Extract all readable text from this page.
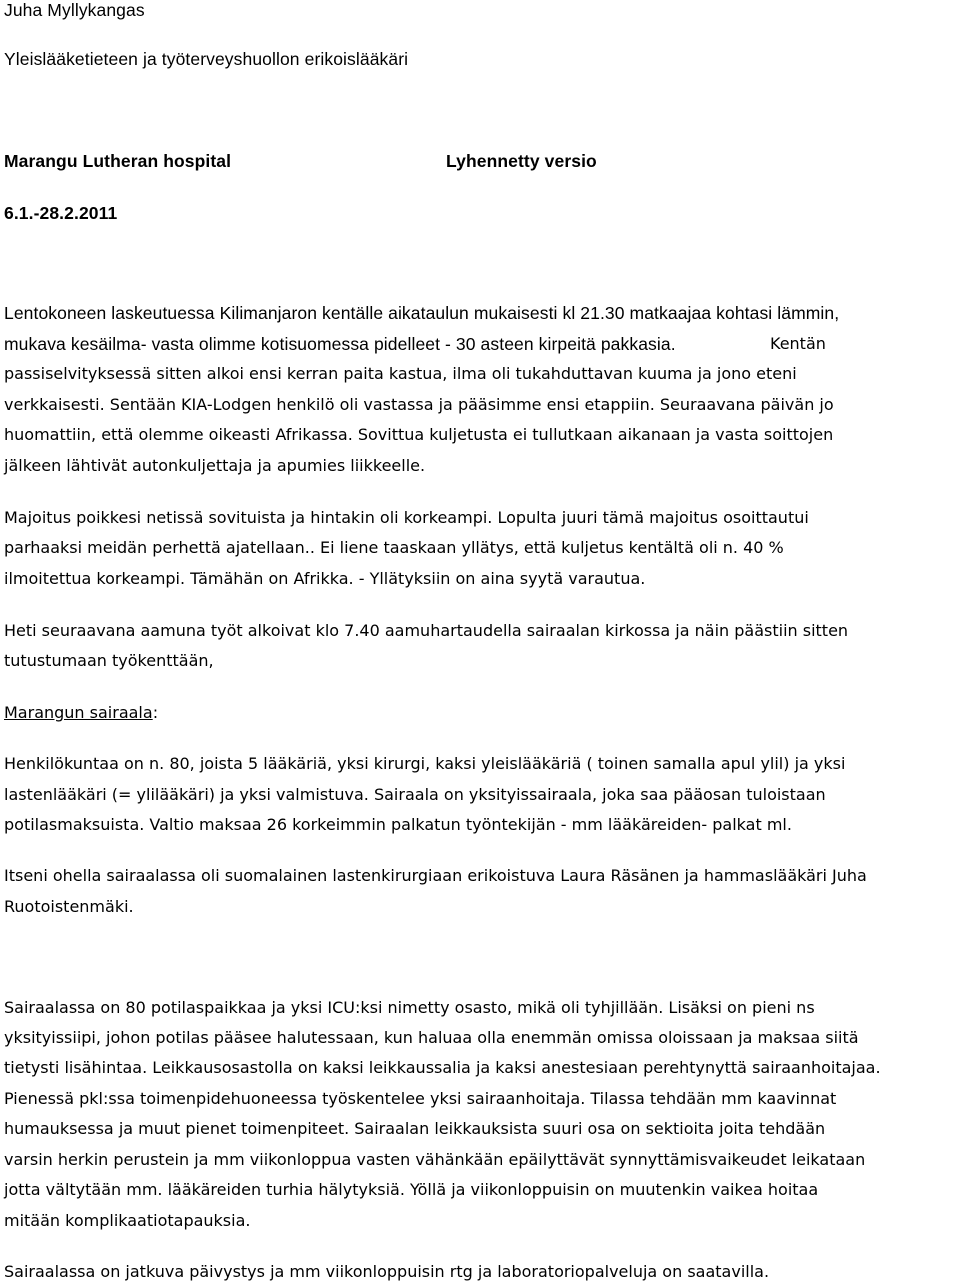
Juha Myllykangas
Yleislääketieteen ja työterveyshuollon erikoislääkäri
Marangu Lutheran hospital	Lyhennetty versio
6.1.-28.2.2011
Lentokoneen laskeutuessa Kilimanjaron kentälle aikataulun mukaisesti kl 21.30 matkaajaa kohtasi lämmin,
mukava kesäilma- vasta olimme kotisuomessa pidelleet - 30 asteen kirpeitä pakkasia.	Kentän
passiselvityksessä sitten alkoi ensi kerran paita kastua, ilma oli tukahduttavan kuuma ja jono eteni
verkkaisesti. Sentään KIA-Lodgen henkilö oli vastassa ja pääsimme ensi etappiin. Seuraavana päivän jo
huomattiin, että olemme oikeasti Afrikassa. Sovittua kuljetusta ei tullutkaan aikanaan ja vasta soittojen
jälkeen lähtivät autonkuljettaja ja apumies liikkeelle.
Majoitus poikkesi netissä sovituista ja hintakin oli korkeampi. Lopulta juuri tämä majoitus osoittautui
parhaaksi meidän perhettä ajatellaan.. Ei liene taaskaan yllätys, että kuljetus kentältä oli n. 40 %
ilmoitettua korkeampi. Tämähän on Afrikka. - Yllätyksiin on aina syytä varautua.
Heti seuraavana aamuna työt alkoivat klo 7.40 aamuhartaudella sairaalan kirkossa ja näin päästiin sitten
tutustumaan työkenttään,
Marangun sairaala:
Henkilökuntaa on n. 80, joista 5 lääkäriä, yksi kirurgi, kaksi yleislääkäriä ( toinen samalla apul ylil) ja yksi
lastenlääkäri (= ylilääkäri) ja yksi valmistuva. Sairaala on yksityissairaala, joka saa pääosan tuloistaan
potilasmaksuista. Valtio maksaa 26 korkeimmin palkatun työntekijän - mm lääkäreiden- palkat ml.
Itseni ohella sairaalassa oli suomalainen lastenkirurgiaan erikoistuva Laura Räsänen ja hammaslääkäri Juha
Ruotoistenmäki.
Sairaalassa on 80 potilaspaikkaa ja yksi ICU:ksi nimetty osasto, mikä oli tyhjillään. Lisäksi on pieni ns
yksityissiipi, johon potilas pääsee halutessaan, kun haluaa olla enemmän omissa oloissaan ja maksaa siitä
tietysti lisähintaa. Leikkausosastolla on kaksi leikkaussalia ja kaksi anestesiaan perehtynyttä sairaanhoitajaa.
Pienessä pkl:ssa toimenpidehuoneessa työskentelee yksi sairaanhoitaja. Tilassa tehdään mm kaavinnat
humauksessa ja muut pienet toimenpiteet. Sairaalan leikkauksista suuri osa on sektioita joita tehdään
varsin herkin perustein ja mm viikonloppua vasten vähänkään epäilyttävät synnyttämisvaikeudet leikataan
jotta vältytään mm. lääkäreiden turhia hälytyksiä. Yöllä ja viikonloppuisin on muutenkin vaikea hoitaa
mitään komplikaatiotapauksia.
Sairaalassa on jatkuva päivystys ja mm viikonloppuisin rtg ja laboratoriopalveluja on saatavilla.
